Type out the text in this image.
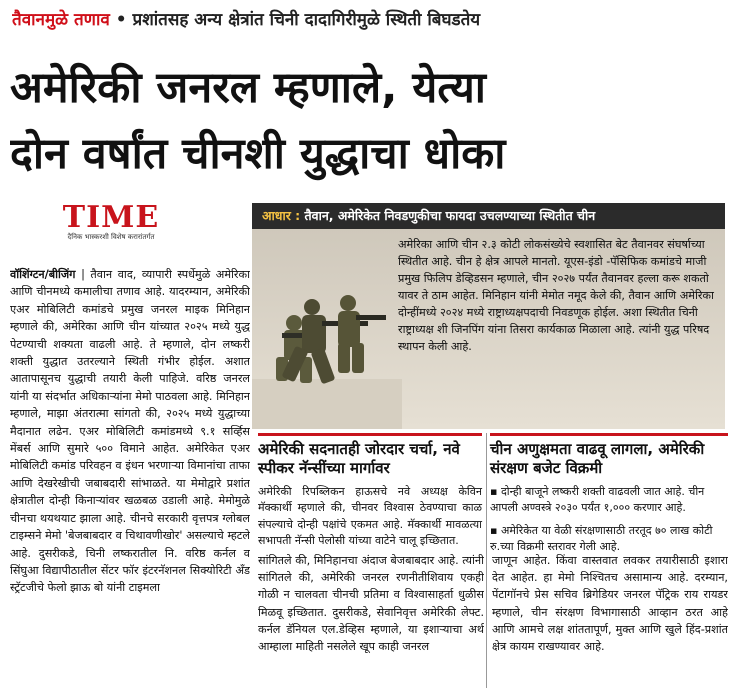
तैवानमुळे तणाव • प्रशांतसह अन्य क्षेत्रांत चिनी दादागिरीमुळे स्थिती बिघडतेय
अमेरिकी जनरल म्हणाले, येत्या
दोन वर्षांत चीनशी युद्धाचा धोका
TIME
दैनिक भास्करशी विशेष करारांतर्गत
आधार : तैवान, अमेरिकेत निवडणुकीचा फायदा उचलण्याच्या स्थितीत चीन
अमेरिका आणि चीन २.३ कोटी लोकसंख्येचे स्वशासित बेट तैवानवर संघर्षाच्या स्थितीत आहे. चीन हे क्षेत्र आपले मानतो. यूएस-इंडो -पॅसिफिक कमांडचे माजी प्रमुख फिलिप डेव्हिडसन म्हणाले, चीन २०२७ पर्यंत तैवानवर हल्ला करू शकतो यावर ते ठाम आहेत. मिनिहान यांनी मेमोत नमूद केले की, तैवान आणि अमेरिका दोन्हींमध्ये २०२४ मध्ये राष्ट्राध्यक्षपदाची निवडणूक होईल. अशा स्थितीत चिनी राष्ट्राध्यक्ष शी जिनपिंग यांना तिसरा कार्यकाळ मिळाला आहे. त्यांनी युद्ध परिषद स्थापन केली आहे.
वॉशिंग्टन/बीजिंग | तैवान वाद, व्यापारी स्पर्धेमुळे अमेरिका आणि चीनमध्ये कमालीचा तणाव आहे. यादरम्यान, अमेरिकी एअर मोबिलिटी कमांडचे प्रमुख जनरल माइक मिनिहान म्हणाले की, अमेरिका आणि चीन यांच्यात २०२५ मध्ये युद्ध पेटण्याची शक्यता वाढली आहे. ते म्हणाले, दोन लष्करी शक्ती युद्धात उतरल्याने स्थिती गंभीर होईल. अशात आतापासूनच युद्धाची तयारी केली पाहिजे. वरिष्ठ जनरल यांनी या संदर्भात अधिकाऱ्यांना मेमो पाठवला आहे. मिनिहान म्हणाले, माझा अंतरात्मा सांगतो की, २०२५ मध्ये युद्धाच्या मैदानात लढेन. एअर मोबिलिटी कमांडमध्ये ९.१ सर्व्हिस मेंबर्स आणि सुमारे ५०० विमाने आहेत. अमेरिकेत एअर मोबिलिटी कमांड परिवहन व इंधन भरणाऱ्या विमानांचा ताफा आणि देखरेखीची जबाबदारी सांभाळते. या मेमोद्वारे प्रशांत क्षेत्रातील दोन्ही किनाऱ्यांवर खळबळ उडाली आहे. मेमोमुळे चीनचा थयथयाट झाला आहे. चीनचे सरकारी वृत्तपत्र ग्लोबल टाइम्सने मेमो 'बेजबाबदार व चिथावणीखोर' असल्याचे म्हटले आहे. दुसरीकडे, चिनी लष्करातील नि. वरिष्ठ कर्नल व सिंघुआ विद्यापीठातील सेंटर फॉर इंटरनॅशनल सिक्योरिटी अँड स्ट्रॅटजीचे फेलो झाऊ बो यांनी टाइमला
अमेरिकी सदनातही जोरदार चर्चा, नवे स्पीकर नॅन्सींच्या मार्गावर
अमेरिकी रिपब्लिकन हाऊसचे नवे अध्यक्ष केविन मॅक्कार्थी म्हणाले की, चीनवर विश्वास ठेवण्याचा काळ संपल्याचे दोन्ही पक्षांचे एकमत आहे. मॅक्कार्थी मावळत्या सभापती नॅन्सी पेलोसी यांच्या वाटेने चालू इच्छितात.
चीन अणुक्षमता वाढवू लागला, अमेरिकी संरक्षण बजेट विक्रमी
▪ दोन्ही बाजूने लष्करी शक्ती वाढवली जात आहे. चीन आपली अण्वस्त्रे २०३० पर्यंत १,००० करणार आहे.
▪ अमेरिकेत या वेळी संरक्षणासाठी तरतूद ७० लाख कोटी रु.च्या विक्रमी स्तरावर गेली आहे.
सांगितले की, मिनिहानचा अंदाज बेजबाबदार आहे. त्यांनी सांगितले की, अमेरिकी जनरल रणनीतीशिवाय एकही गोळी न चालवता चीनची प्रतिमा व विश्वासाहर्ता धुळीस मिळवू इच्छितात. दुसरीकडे, सेवानिवृत्त अमेरिकी लेफ्ट. कर्नल डॅनियल एल.डेव्हिस म्हणाले, या इशाऱ्याचा अर्थ आम्हाला माहिती नसलेले खूप काही जनरल
जाणून आहेत. किंवा वास्तवात लवकर तयारीसाठी इशारा देत आहेत. हा मेमो निश्चितच असामान्य आहे. दरम्यान, पेंटागॉनचे प्रेस सचिव ब्रिगेडियर जनरल पॅट्रिक राय रायडर म्हणाले, चीन संरक्षण विभागासाठी आव्हान ठरत आहे आणि आमचे लक्ष शांततापूर्ण, मुक्त आणि खुले हिंद-प्रशांत क्षेत्र कायम राखण्यावर आहे.
